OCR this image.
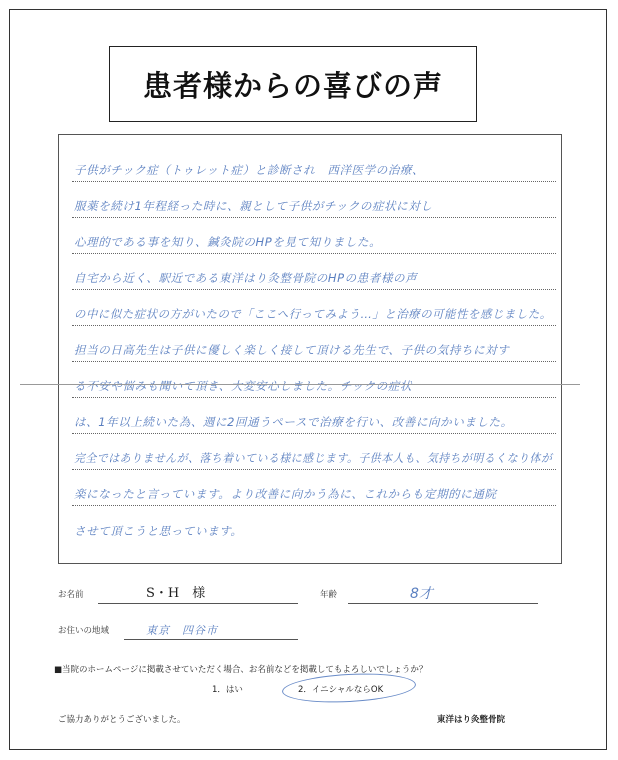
患者様からの喜びの声
子供がチック症（トゥレット症）と診断され　西洋医学の治療、
服薬を続け1年程経った時に、親として子供がチックの症状に対し
心理的である事を知り、鍼灸院のHPを見て知りました。
自宅から近く、駅近である東洋はり灸整骨院のHPの患者様の声
の中に似た症状の方がいたので「ここへ行ってみよう…」と治療の可能性を感じました。
担当の日高先生は子供に優しく楽しく接して頂ける先生で、子供の気持ちに対す
る不安や悩みも聞いて頂き、大変安心しました。チックの症状
は、1年以上続いた為、週に2回通うペースで治療を行い、改善に向かいました。
完全ではありませんが、落ち着いている様に感じます。子供本人も、気持ちが明るくなり体が
楽になったと言っています。より改善に向かう為に、これからも定期的に通院
させて頂こうと思っています。
お名前	S・H　様	年齢	8才
お住いの地域	東京　四谷市
■当院のホームページに掲載させていただく場合、お名前などを掲載してもよろしいでしょうか？
1．はい	2．イニシャルならOK
ご協力ありがとうございました。	東洋はり灸整骨院
